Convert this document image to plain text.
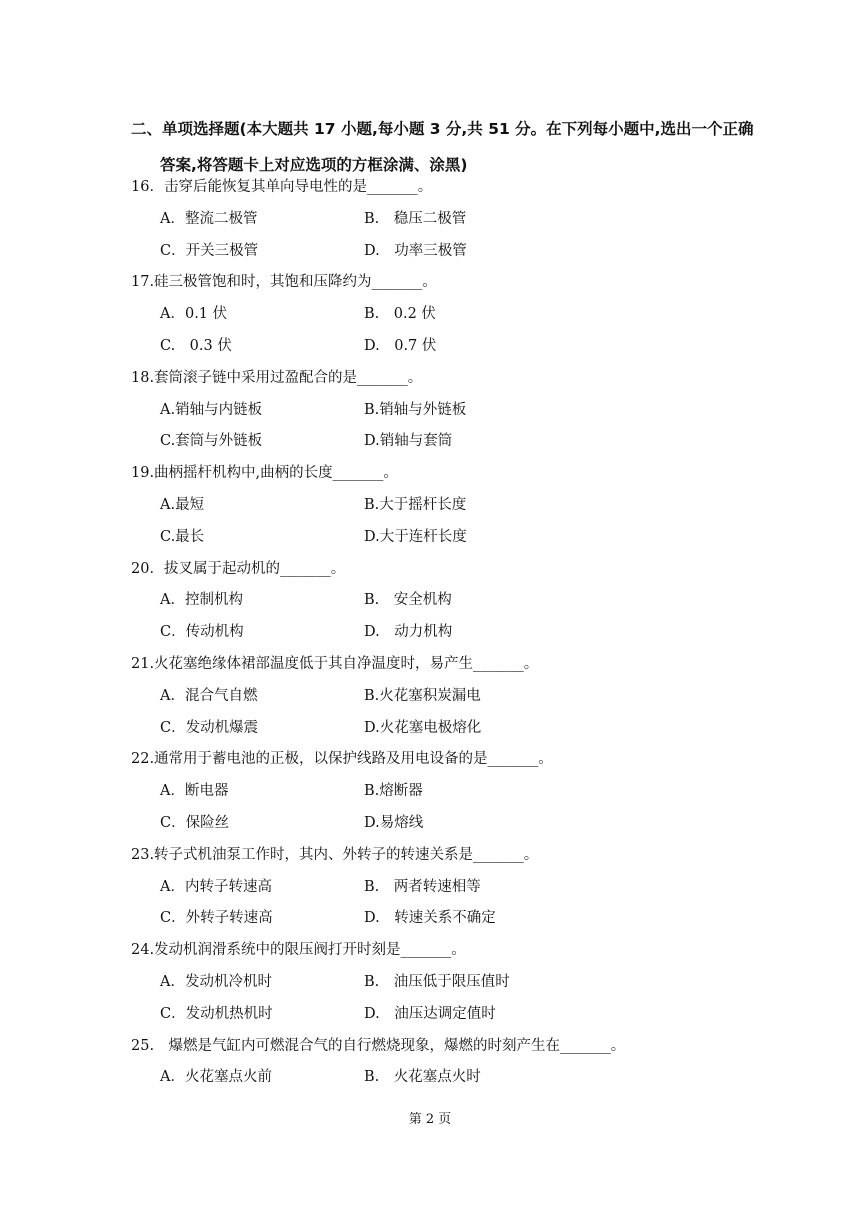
二、单项选择题(本大题共 17 小题,每小题 3 分,共 51 分。在下列每小题中,选出一个正确
答案,将答题卡上对应选项的方框涂满、涂黑)
16．击穿后能恢复其单向导电性的是_______。
A．整流二极管	B.　稳压二极管
C．开关三极管	D.　功率三极管
17.硅三极管饱和时，其饱和压降约为_______。
A．0.1 伏	B.　0.2 伏
C.　0.3 伏	D.　0.7 伏
18.套筒滚子链中采用过盈配合的是_______。
A.销轴与内链板	B.销轴与外链板
C.套筒与外链板	D.销轴与套筒
19.曲柄摇杆机构中,曲柄的长度_______。
A.最短	B.大于摇杆长度
C.最长	D.大于连杆长度
20．拔叉属于起动机的_______。
A．控制机构	B.　安全机构
C．传动机构	D.　动力机构
21.火花塞绝缘体裙部温度低于其自净温度时，易产生_______。
A．混合气自燃	B.火花塞积炭漏电
C．发动机爆震	D.火花塞电极熔化
22.通常用于蓄电池的正极，以保护线路及用电设备的是_______。
A．断电器	B.熔断器
C．保险丝	D.易熔线
23.转子式机油泵工作时，其内、外转子的转速关系是_______。
A．内转子转速高	B.　两者转速相等
C．外转子转速高	D.　转速关系不确定
24.发动机润滑系统中的限压阀打开时刻是_______。
A．发动机冷机时	B.　油压低于限压值时
C．发动机热机时	D.　油压达调定值时
25.　爆燃是气缸内可燃混合气的自行燃烧现象，爆燃的时刻产生在_______。
A．火花塞点火前	B.　火花塞点火时
第 2 页
